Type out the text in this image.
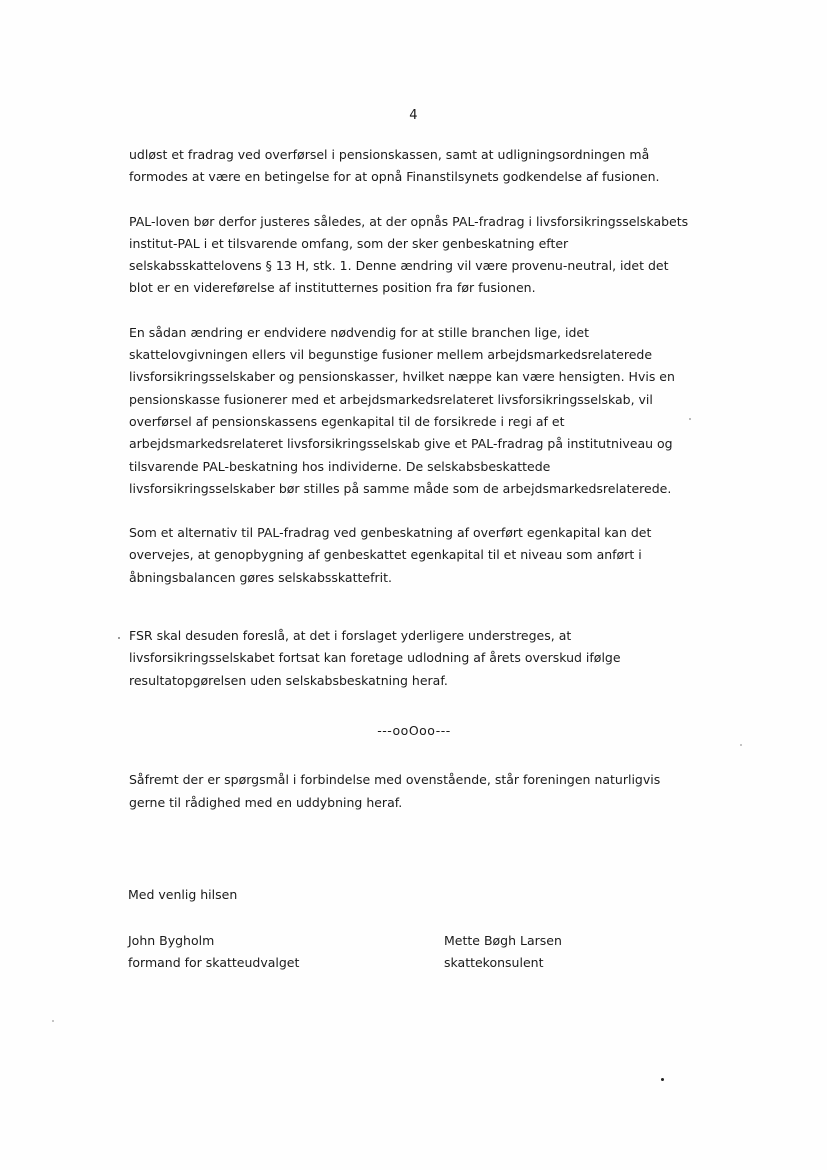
4

udløst et fradrag ved overførsel i pensionskassen, samt at udligningsordningen må
formodes at være en betingelse for at opnå Finanstilsynets godkendelse af fusionen.

PAL-loven bør derfor justeres således, at der opnås PAL-fradrag i livsforsikringsselskabets
institut-PAL i et tilsvarende omfang, som der sker genbeskatning efter
selskabsskattelovens § 13 H, stk. 1. Denne ændring vil være provenu-neutral, idet det
blot er en videreførelse af institutternes position fra før fusionen.

En sådan ændring er endvidere nødvendig for at stille branchen lige, idet
skattelovgivningen ellers vil begunstige fusioner mellem arbejdsmarkedsrelaterede
livsforsikringsselskaber og pensionskasser, hvilket næppe kan være hensigten. Hvis en
pensionskasse fusionerer med et arbejdsmarkedsrelateret livsforsikringsselskab, vil
overførsel af pensionskassens egenkapital til de forsikrede i regi af et
arbejdsmarkedsrelateret livsforsikringsselskab give et PAL-fradrag på institutniveau og
tilsvarende PAL-beskatning hos individerne. De selskabsbeskattede
livsforsikringsselskaber bør stilles på samme måde som de arbejdsmarkedsrelaterede.

Som et alternativ til PAL-fradrag ved genbeskatning af overført egenkapital kan det
overvejes, at genopbygning af genbeskattet egenkapital til et niveau som anført i
åbningsbalancen gøres selskabsskattefrit.

FSR skal desuden foreslå, at det i forslaget yderligere understreges, at
livsforsikringsselskabet fortsat kan foretage udlodning af årets overskud ifølge
resultatopgørelsen uden selskabsbeskatning heraf.

---ooOoo---

Såfremt der er spørgsmål i forbindelse med ovenstående, står foreningen naturligvis
gerne til rådighed med en uddybning heraf.

Med venlig hilsen
John Bygholm
formand for skatteudvalget
Mette Bøgh Larsen
skattekonsulent
